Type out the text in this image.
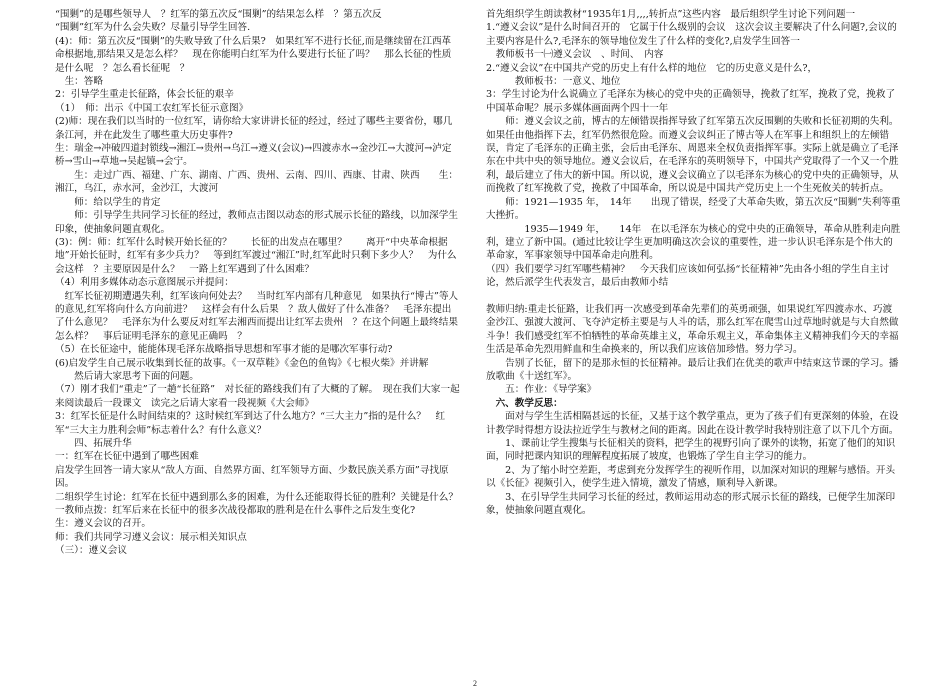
“围剿”的是哪些领导人　？红军的第五次反“围剿”的结果怎么样　？第五次反
“围剿”红军为什么会失败？尽量引导学生回答.
(4)：师：第五次反“围剿”的失败导致了什么后果?　如果红军不进行长征,而是继续留在江西革命根据地,那结果又是怎么样？　现在你能明白红军为什么要进行长征了吗？　那么长征的性质是什么呢　？怎么看长征呢　？
　生：答略
2：引导学生重走长征路，体会长征的艰辛
（1）　师：出示《中国工农红军长征示意图》
(2)师：现在我们以当时的一位红军，请你给大家讲讲长征的经过，经过了哪些主要省份，哪几条江河，并在此发生了哪些重大历史事件?
生：瑞金→冲破四道封锁线→湘江→贵州→乌江→遵义(会议)→四渡赤水→金沙江→大渡河→泸定桥→雪山→草地→吴起镇→会宁。
　　生：走过广西、福建、广东、湖南、广西、贵州、云南、四川、西康、甘肃、陕西　　生：湘江，乌江，赤水河，金沙江，大渡河
　　师：给以学生的肯定
　　师：引导学生共同学习长征的经过，教师点击图以动态的形式展示长征的路线，以加深学生印象，使抽象问题直观化。
(3)：例：师：红军什么时候开始长征的？　　长征的出发点在哪里？　　离开“中央革命根据地”开始长征时，红军有多少兵力？　等到红军渡过“湘江”时,红军此时只剩下多少人？　为什么会这样　？主要原因是什么？　一路上红军遇到了什么困难？
（4）利用多媒体动态示意图展示并提问：
　红军长征初期遭遇失利，红军该向何处去？　当时红军内部有几种意见　如果执行“博古”等人的意见,红军将向什么方向前进？　这样会有什么后果　？敌人做好了什么准备？　毛泽东提出了什么意见？　毛泽东为什么要反对红军去湘西而提出让红军去贵州　？在这个问题上最终结果怎么样？　事后证明毛泽东的意见正确吗　？
（5）在长征途中，能能体现毛泽东战略指导思想和军事才能的是哪次军事行动?
(6)启发学生自己展示收集到长征的故事。《一双草鞋》《金色的鱼钩》《七根火柴》并讲解
　　然后请大家思考下面的问题。
（7）刚才我们“重走”了一趟“长征路”　对长征的路线我们有了大概的了解。　现在我们大家一起来阅读最后一段课文　读完之后请大家看一段视频《大会师》
3：红军长征是什么时间结束的？这时候红军到达了什么地方？“三大主力”指的是什么？　红军“三大主力胜利会师”标志着什么？有什么意义？
　　四、拓展升华
一：红军在长征中遇到了哪些困难
启发学生回答一请大家从“敌人方面、自然界方面、红军领导方面、少数民族关系方面”寻找原因。
二组织学生讨论：红军在长征中遇到那么多的困难，为什么还能取得长征的胜利？关键是什么？一教师点拨：红军后来在长征中的很多次战役都取的胜利是在什么事件之后发生变化?
生：遵义会议的召开。
师：我们共同学习遵义会议：展示相关知识点
（三）：遵义会议
首先组织学生朗读教材“1935年1月,,,,转折点”这些内容　最后组织学生讨论下列问题一
1.“遵义会议”是什么时间召开的　它属于什么级别的会议　这次会议主要解决了什么问题?,会议的主要内容是什么?,毛泽东的领导地位发生了什么样的变化?,启发学生回答一
　教师板书一㈠遵义会议　、时间、　内容
2.“遵义会议”在中国共产党的历史上有什么样的地位　它的历史意义是什么?，
　　　教师板书：一意义、地位
3：学生讨论为什么说确立了毛泽东为核心的党中央的正确领导，挽救了红军，挽救了党，挽救了中国革命呢？展示多媒体画面两个四十一年
　　师：遵义会议之前，博古的左倾错误指挥导致了红军第五次反围剿的失败和长征初期的失利。如果任由他指挥下去，红军仍然很危险。而遵义会议纠正了博古等人在军事上和组织上的左倾错误，肯定了毛泽东的正确主张，会后由毛泽东、周恩来全权负责指挥军事。实际上就是确立了毛泽东在中共中央的领导地位。遵义会议后，在毛泽东的英明领导下，中国共产党取得了一个又一个胜利，最后建立了伟大的新中国。所以说，遵义会议确立了以毛泽东为核心的党中央的正确领导，从而挽救了红军挽救了党，挽救了中国革命，所以说是中国共产党历史上一个生死攸关的转折点。
　　师：1921—1935 年，　14年　　出现了错误，经受了大革命失败，第五次反“围剿”失利等重大挫折。
　　　　1935—1949 年，　　14年　在以毛泽东为核心的党中央的正确领导，革命从胜利走向胜利，建立了新中国。(通过比较让学生更加明确这次会议的重要性，进一步认识毛泽东是个伟大的革命家，军事家领导中国革命走向胜利。
（四）我们要学习红军哪些精神？　今天我们应该如何弘扬“长征精神”先由各小组的学生自主讨论，然后派学生代表发言，最后由教师小结
教师归纳:重走长征路，让我们再一次感受到革命先辈们的英勇顽强，如果说红军四渡赤水、巧渡金沙江、强渡大渡河、飞夺泸定桥主要是与人斗的话，那么红军在爬雪山过草地时就是与大自然做斗争！我们感受红军不怕牺牲的革命英雄主义，革命乐观主义，革命集体主义精神我们今天的幸福生活是革命先烈用鲜血和生命换来的，所以我们应该倍加珍惜。努力学习。
　　告别了长征，留下的是那永恒的长征精神。最后让我们在优美的歌声中结束这节课的学习。播放歌曲《十送红军》。
　　五：作业：《导学案》
　六、教学反思：
　　面对与学生生活相隔甚远的长征，又基于这个教学重点，更为了孩子们有更深刻的体验，在设计教学时得想方设法拉近学生与教材之间的距离。因此在设计教学时我特别注意了以下几个方面。
　　1、课前让学生搜集与长征相关的资料，把学生的视野引向了课外的读物，拓宽了他们的知识面，同时把课内知识的理解程度拓展了坡度，也锻炼了学生自主学习的能力。
　　2、为了缩小时空差距，考虑到充分发挥学生的视听作用，以加深对知识的理解与感悟。开头以《长征》视频引入，使学生进入情境，激发了情感，顺利导入新课。
　　3、在引导学生共同学习长征的经过，教师运用动态的形式展示长征的路线，已便学生加深印象，使抽象问题直观化。
2
